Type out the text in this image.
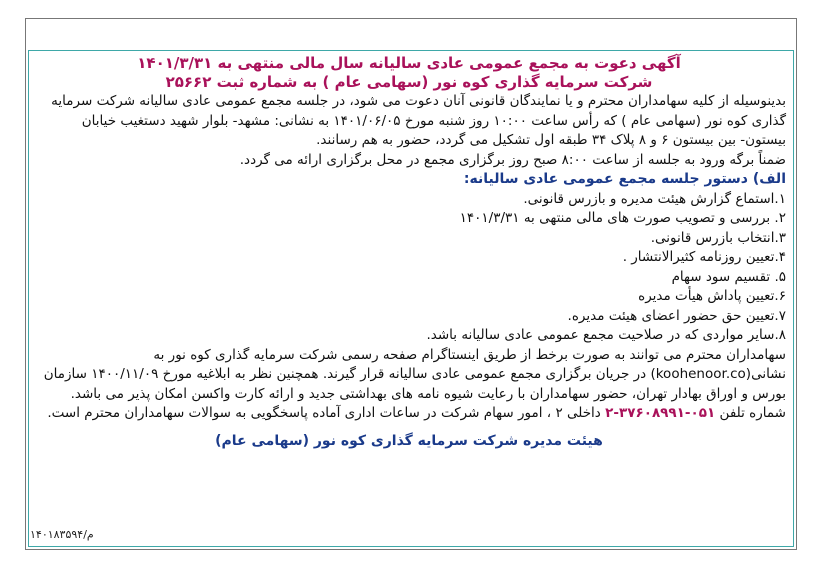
آگهی دعوت به مجمع عمومی عادی سالیانه سال مالی منتهی به ۱۴۰۱/۳/۳۱

شرکت سرمایه گذاری کوه نور (سهامی عام ) به شماره ثبت ۲۵۶۶۲

بدینوسیله از کلیه سهامداران محترم و یا نمایندگان قانونی آنان دعوت می شود، در جلسه مجمع عمومی عادی سالیانه شرکت سرمایه گذاری کوه نور (سهامی عام ) که رأس ساعت ۱۰:۰۰ روز شنبه مورخ ۱۴۰۱/۰۶/۰۵ به نشانی: مشهد- بلوار شهید دستغیب خیابان بیستون- بین بیستون ۶ و ۸ پلاک ۳۴ طبقه اول تشکیل می گردد، حضور به هم رسانند.

ضمناً برگه ورود به جلسه از ساعت ۸:۰۰ صبح روز برگزاری مجمع در محل برگزاری ارائه می گردد.

الف) دستور جلسه مجمع عمومی عادی سالیانه:

۱.استماع گزارش هیئت مدیره و بازرس قانونی.

۲. بررسی و تصویب صورت های مالی منتهی به ۱۴۰۱/۳/۳۱

۳.انتخاب بازرس قانونی.

۴.تعیین روزنامه کثیرالانتشار .

۵. تقسیم سود سهام

۶.تعیین پاداش هیأت مدیره

۷.تعیین حق حضور اعضای هیئت مدیره.

۸.سایر مواردی که در صلاحیت مجمع عمومی عادی سالیانه باشد.

سهامداران محترم می توانند به صورت برخط از طریق اینستاگرام صفحه رسمی شرکت سرمایه گذاری کوه نور به نشانی(koohenoor.co) در جریان برگزاری مجمع عمومی عادی سالیانه قرار گیرند. همچنین نظر به ابلاغیه مورخ ۱۴۰۰/۱۱/۰۹ سازمان بورس و اوراق بهادار تهران، حضور سهامداران با رعایت شیوه نامه های بهداشتی جدید و ارائه کارت واکسن امکان پذیر می باشد.

شماره تلفن ۰۵۱-۳۷۶۰۸۹۹۱-۲ داخلی ۲ ، امور سهام شرکت در ساعات اداری آماده پاسخگویی به سوالات سهامداران محترم است.

هیئت مدیره شرکت سرمایه گذاری کوه نور (سهامی عام)

م/۱۴۰۱۸۳۵۹۴
